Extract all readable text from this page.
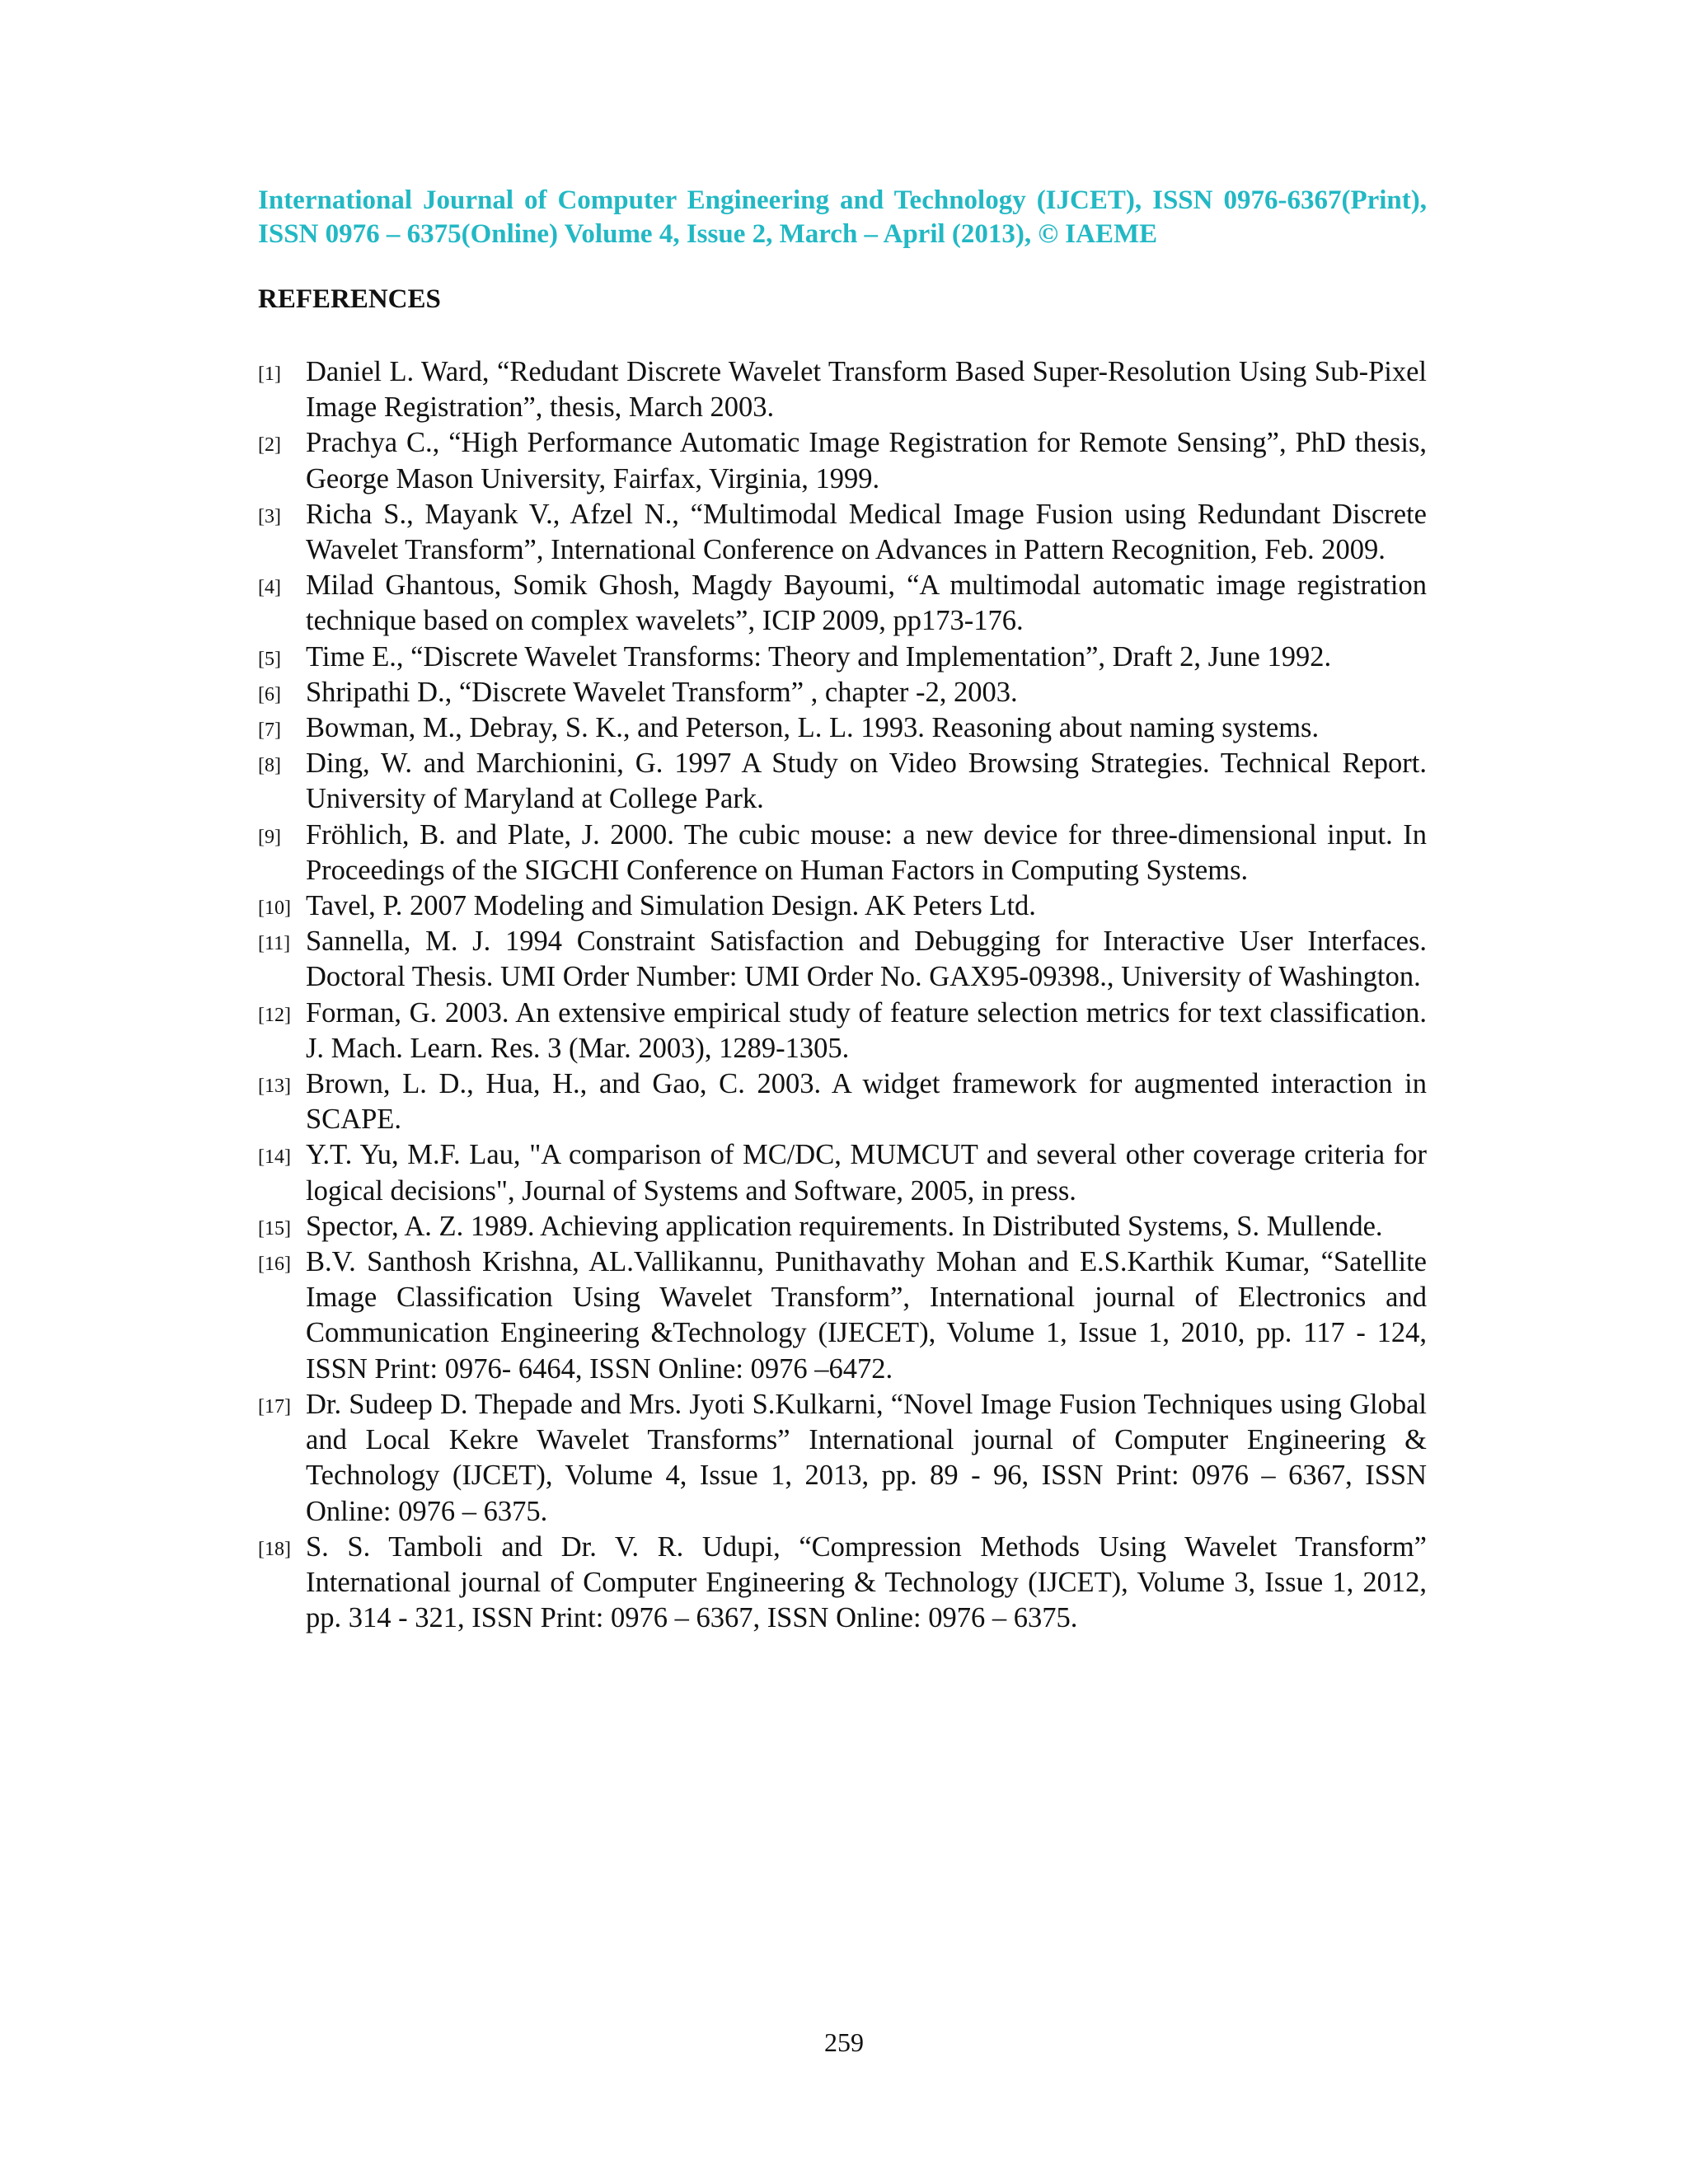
International Journal of Computer Engineering and Technology (IJCET), ISSN 0976-6367(Print), ISSN 0976 – 6375(Online) Volume 4, Issue 2, March – April (2013), © IAEME
REFERENCES
[1] Daniel L. Ward, “Redudant Discrete Wavelet Transform Based Super-Resolution Using Sub-Pixel Image Registration”, thesis, March 2003.
[2] Prachya C., “High Performance Automatic Image Registration for Remote Sensing”, PhD thesis, George Mason University, Fairfax, Virginia, 1999.
[3] Richa S., Mayank V., Afzel N., “Multimodal Medical Image Fusion using Redundant Discrete Wavelet Transform”, International Conference on Advances in Pattern Recognition, Feb. 2009.
[4] Milad Ghantous, Somik Ghosh, Magdy Bayoumi, “A multimodal automatic image registration technique based on complex wavelets”, ICIP 2009, pp173-176.
[5] Time E., “Discrete Wavelet Transforms: Theory and Implementation”, Draft 2, June 1992.
[6] Shripathi D., “Discrete Wavelet Transform” , chapter -2, 2003.
[7] Bowman, M., Debray, S. K., and Peterson, L. L. 1993. Reasoning about naming systems.
[8] Ding, W. and Marchionini, G. 1997 A Study on Video Browsing Strategies. Technical Report. University of Maryland at College Park.
[9] Fröhlich, B. and Plate, J. 2000. The cubic mouse: a new device for three-dimensional input. In Proceedings of the SIGCHI Conference on Human Factors in Computing Systems.
[10] Tavel, P. 2007 Modeling and Simulation Design. AK Peters Ltd.
[11] Sannella, M. J. 1994 Constraint Satisfaction and Debugging for Interactive User Interfaces. Doctoral Thesis. UMI Order Number: UMI Order No. GAX95-09398., University of Washington.
[12] Forman, G. 2003. An extensive empirical study of feature selection metrics for text classification. J. Mach. Learn. Res. 3 (Mar. 2003), 1289-1305.
[13] Brown, L. D., Hua, H., and Gao, C. 2003. A widget framework for augmented interaction in SCAPE.
[14] Y.T. Yu, M.F. Lau, "A comparison of MC/DC, MUMCUT and several other coverage criteria for logical decisions", Journal of Systems and Software, 2005, in press.
[15] Spector, A. Z. 1989. Achieving application requirements. In Distributed Systems, S. Mullende.
[16] B.V. Santhosh Krishna, AL.Vallikannu, Punithavathy Mohan and E.S.Karthik Kumar, “Satellite Image Classification Using Wavelet Transform”, International journal of Electronics and Communication Engineering &Technology (IJECET), Volume 1, Issue 1, 2010, pp. 117 - 124, ISSN Print: 0976- 6464, ISSN Online: 0976 –6472.
[17] Dr. Sudeep D. Thepade and Mrs. Jyoti S.Kulkarni, “Novel Image Fusion Techniques using Global and Local Kekre Wavelet Transforms” International journal of Computer Engineering & Technology (IJCET), Volume 4, Issue 1, 2013, pp. 89 - 96, ISSN Print: 0976 – 6367, ISSN Online: 0976 – 6375.
[18] S. S. Tamboli and Dr. V. R. Udupi, “Compression Methods Using Wavelet Transform” International journal of Computer Engineering & Technology (IJCET), Volume 3, Issue 1, 2012, pp. 314 - 321, ISSN Print: 0976 – 6367, ISSN Online: 0976 – 6375.
259
